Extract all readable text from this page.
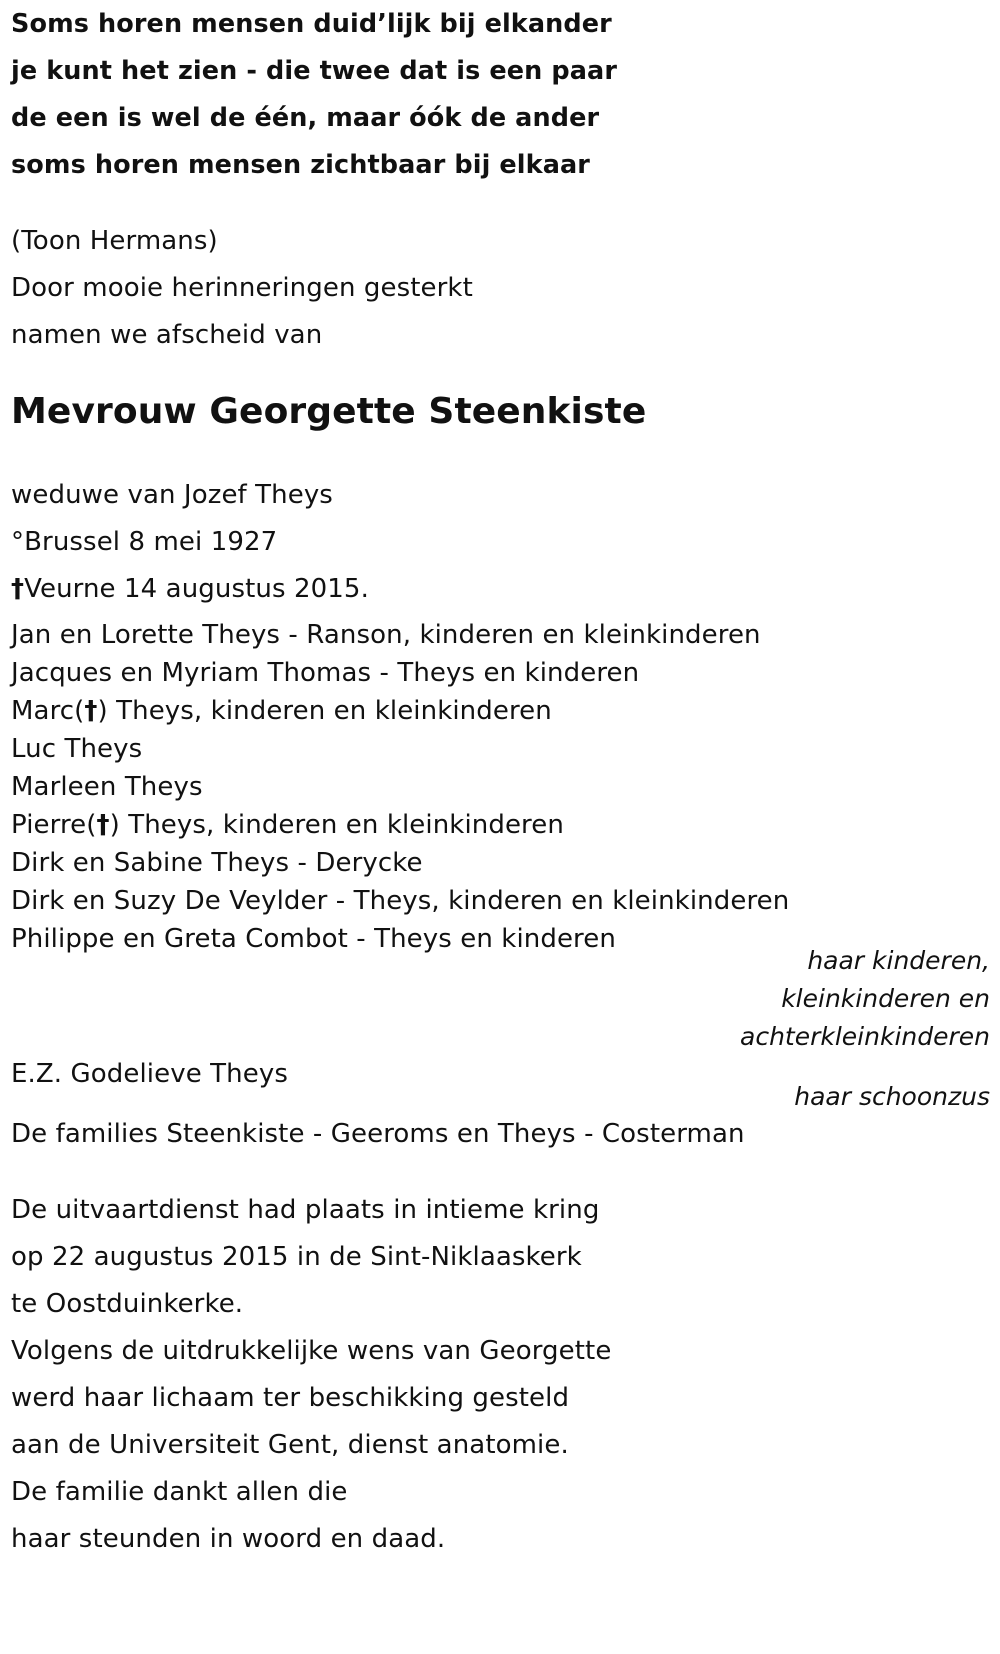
Soms horen mensen duid’lijk bij elkander
je kunt het zien - die twee dat is een paar
de een is wel de één, maar óók de ander
soms horen mensen zichtbaar bij elkaar
(Toon Hermans)
Door mooie herinneringen gesterkt
namen we afscheid van
Mevrouw Georgette Steenkiste
weduwe van Jozef Theys
°Brussel 8 mei 1927
†Veurne 14 augustus 2015.
Jan en Lorette Theys - Ranson, kinderen en kleinkinderen
Jacques en Myriam Thomas - Theys en kinderen
Marc(†) Theys, kinderen en kleinkinderen
Luc Theys
Marleen Theys
Pierre(†) Theys, kinderen en kleinkinderen
Dirk en Sabine Theys - Derycke
Dirk en Suzy De Veylder - Theys, kinderen en kleinkinderen
Philippe en Greta Combot - Theys en kinderen
haar kinderen,
kleinkinderen en
achterkleinkinderen
E.Z. Godelieve Theys
haar schoonzus
De families Steenkiste - Geeroms en Theys - Costerman
De uitvaartdienst had plaats in intieme kring
op 22 augustus 2015 in de Sint-Niklaaskerk
te Oostduinkerke.
Volgens de uitdrukkelijke wens van Georgette
werd haar lichaam ter beschikking gesteld
aan de Universiteit Gent, dienst anatomie.
De familie dankt allen die
haar steunden in woord en daad.
